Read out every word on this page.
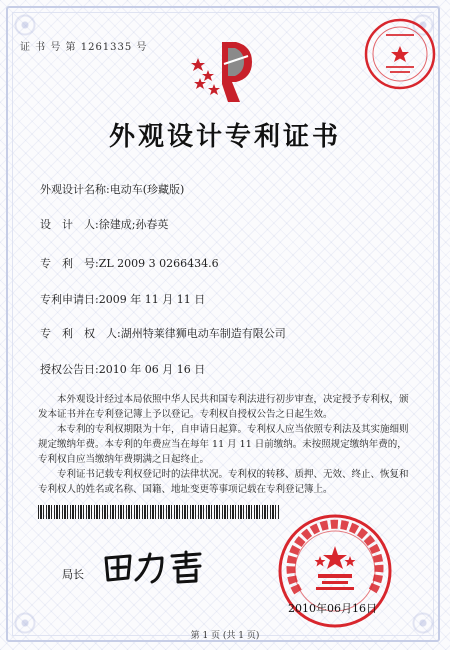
证 书 号 第 1261335 号
外观设计专利证书
外观设计名称:电动车(珍藏版)
设　计　人:徐建成;孙春英
专　利　号:ZL 2009 3 0266434.6
专利申请日:2009 年 11 月 11 日
专　利　权　人:湖州特莱律狮电动车制造有限公司
授权公告日:2010 年 06 月 16 日

本外观设计经过本局依照中华人民共和国专利法进行初步审查，决定授予专利权，颁发本证书并在专利登记簿上予以登记。专利权自授权公告之日起生效。

本专利的专利权期限为十年，自申请日起算。专利权人应当依照专利法及其实施细则规定缴纳年费。本专利的年费应当在每年 11 月 11 日前缴纳。未按照规定缴纳年费的，专利权自应当缴纳年费期满之日起终止。

专利证书记载专利权登记时的法律状况。专利权的转移、质押、无效、终止、恢复和专利权人的姓名或名称、国籍、地址变更等事项记载在专利登记簿上。

局长
2010年06月16日
第 1 页 (共 1 页)
